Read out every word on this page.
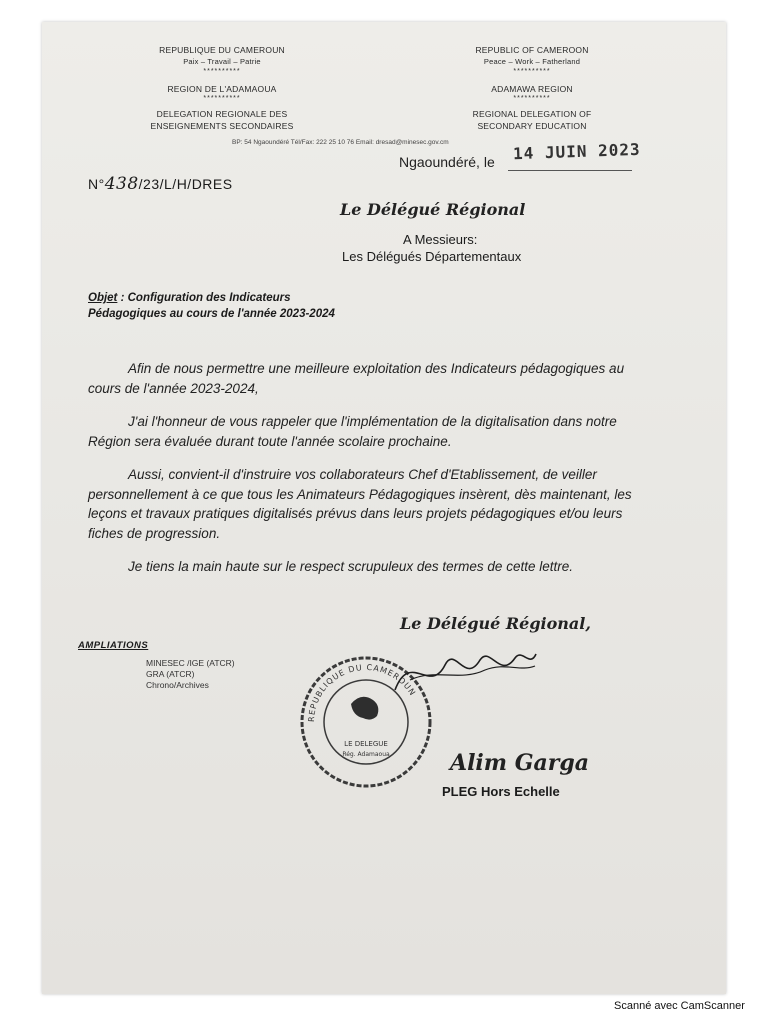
REPUBLIQUE DU CAMEROUN
Paix – Travail – Patrie
**********
REGION DE L'ADAMAOUA
**********
DELEGATION REGIONALE DES
ENSEIGNEMENTS SECONDAIRES
REPUBLIC OF CAMEROON
Peace – Work – Fatherland
**********
ADAMAWA REGION
**********
REGIONAL DELEGATION OF
SECONDARY EDUCATION
BP: 54 Ngaoundéré Tél/Fax: 222 25 10 76 Email: dresad@minesec.gov.cm
Ngaoundéré, le 14 JUIN 2023
N°438/23/L/H/DRES
Le Délégué Régional
A Messieurs:
Les Délégués Départementaux
Objet : Configuration des Indicateurs
Pédagogiques au cours de l'année 2023-2024

Afin de nous permettre une meilleure exploitation des Indicateurs pédagogiques au cours de l'année 2023-2024,

J'ai l'honneur de vous rappeler que l'implémentation de la digitalisation dans notre Région sera évaluée durant toute l'année scolaire prochaine.

Aussi, convient-il d'instruire vos collaborateurs Chef d'Etablissement, de veiller personnellement à ce que tous les Animateurs Pédagogiques insèrent, dès maintenant, les leçons et travaux pratiques digitalisés prévus dans leurs projets pédagogiques et/ou leurs fiches de progression.

Je tiens la main haute sur le respect scrupuleux des termes de cette lettre.

Le Délégué Régional,
AMPLIATIONS
MINESEC /IGE (ATCR)
GRA (ATCR)
Chrono/Archives
REPUBLIQUE DU CAMEROUN
LE DELEGUE
Rég. Adamaoua	Alim Garga
PLEG Hors Echelle
Scanné avec CamScanner
